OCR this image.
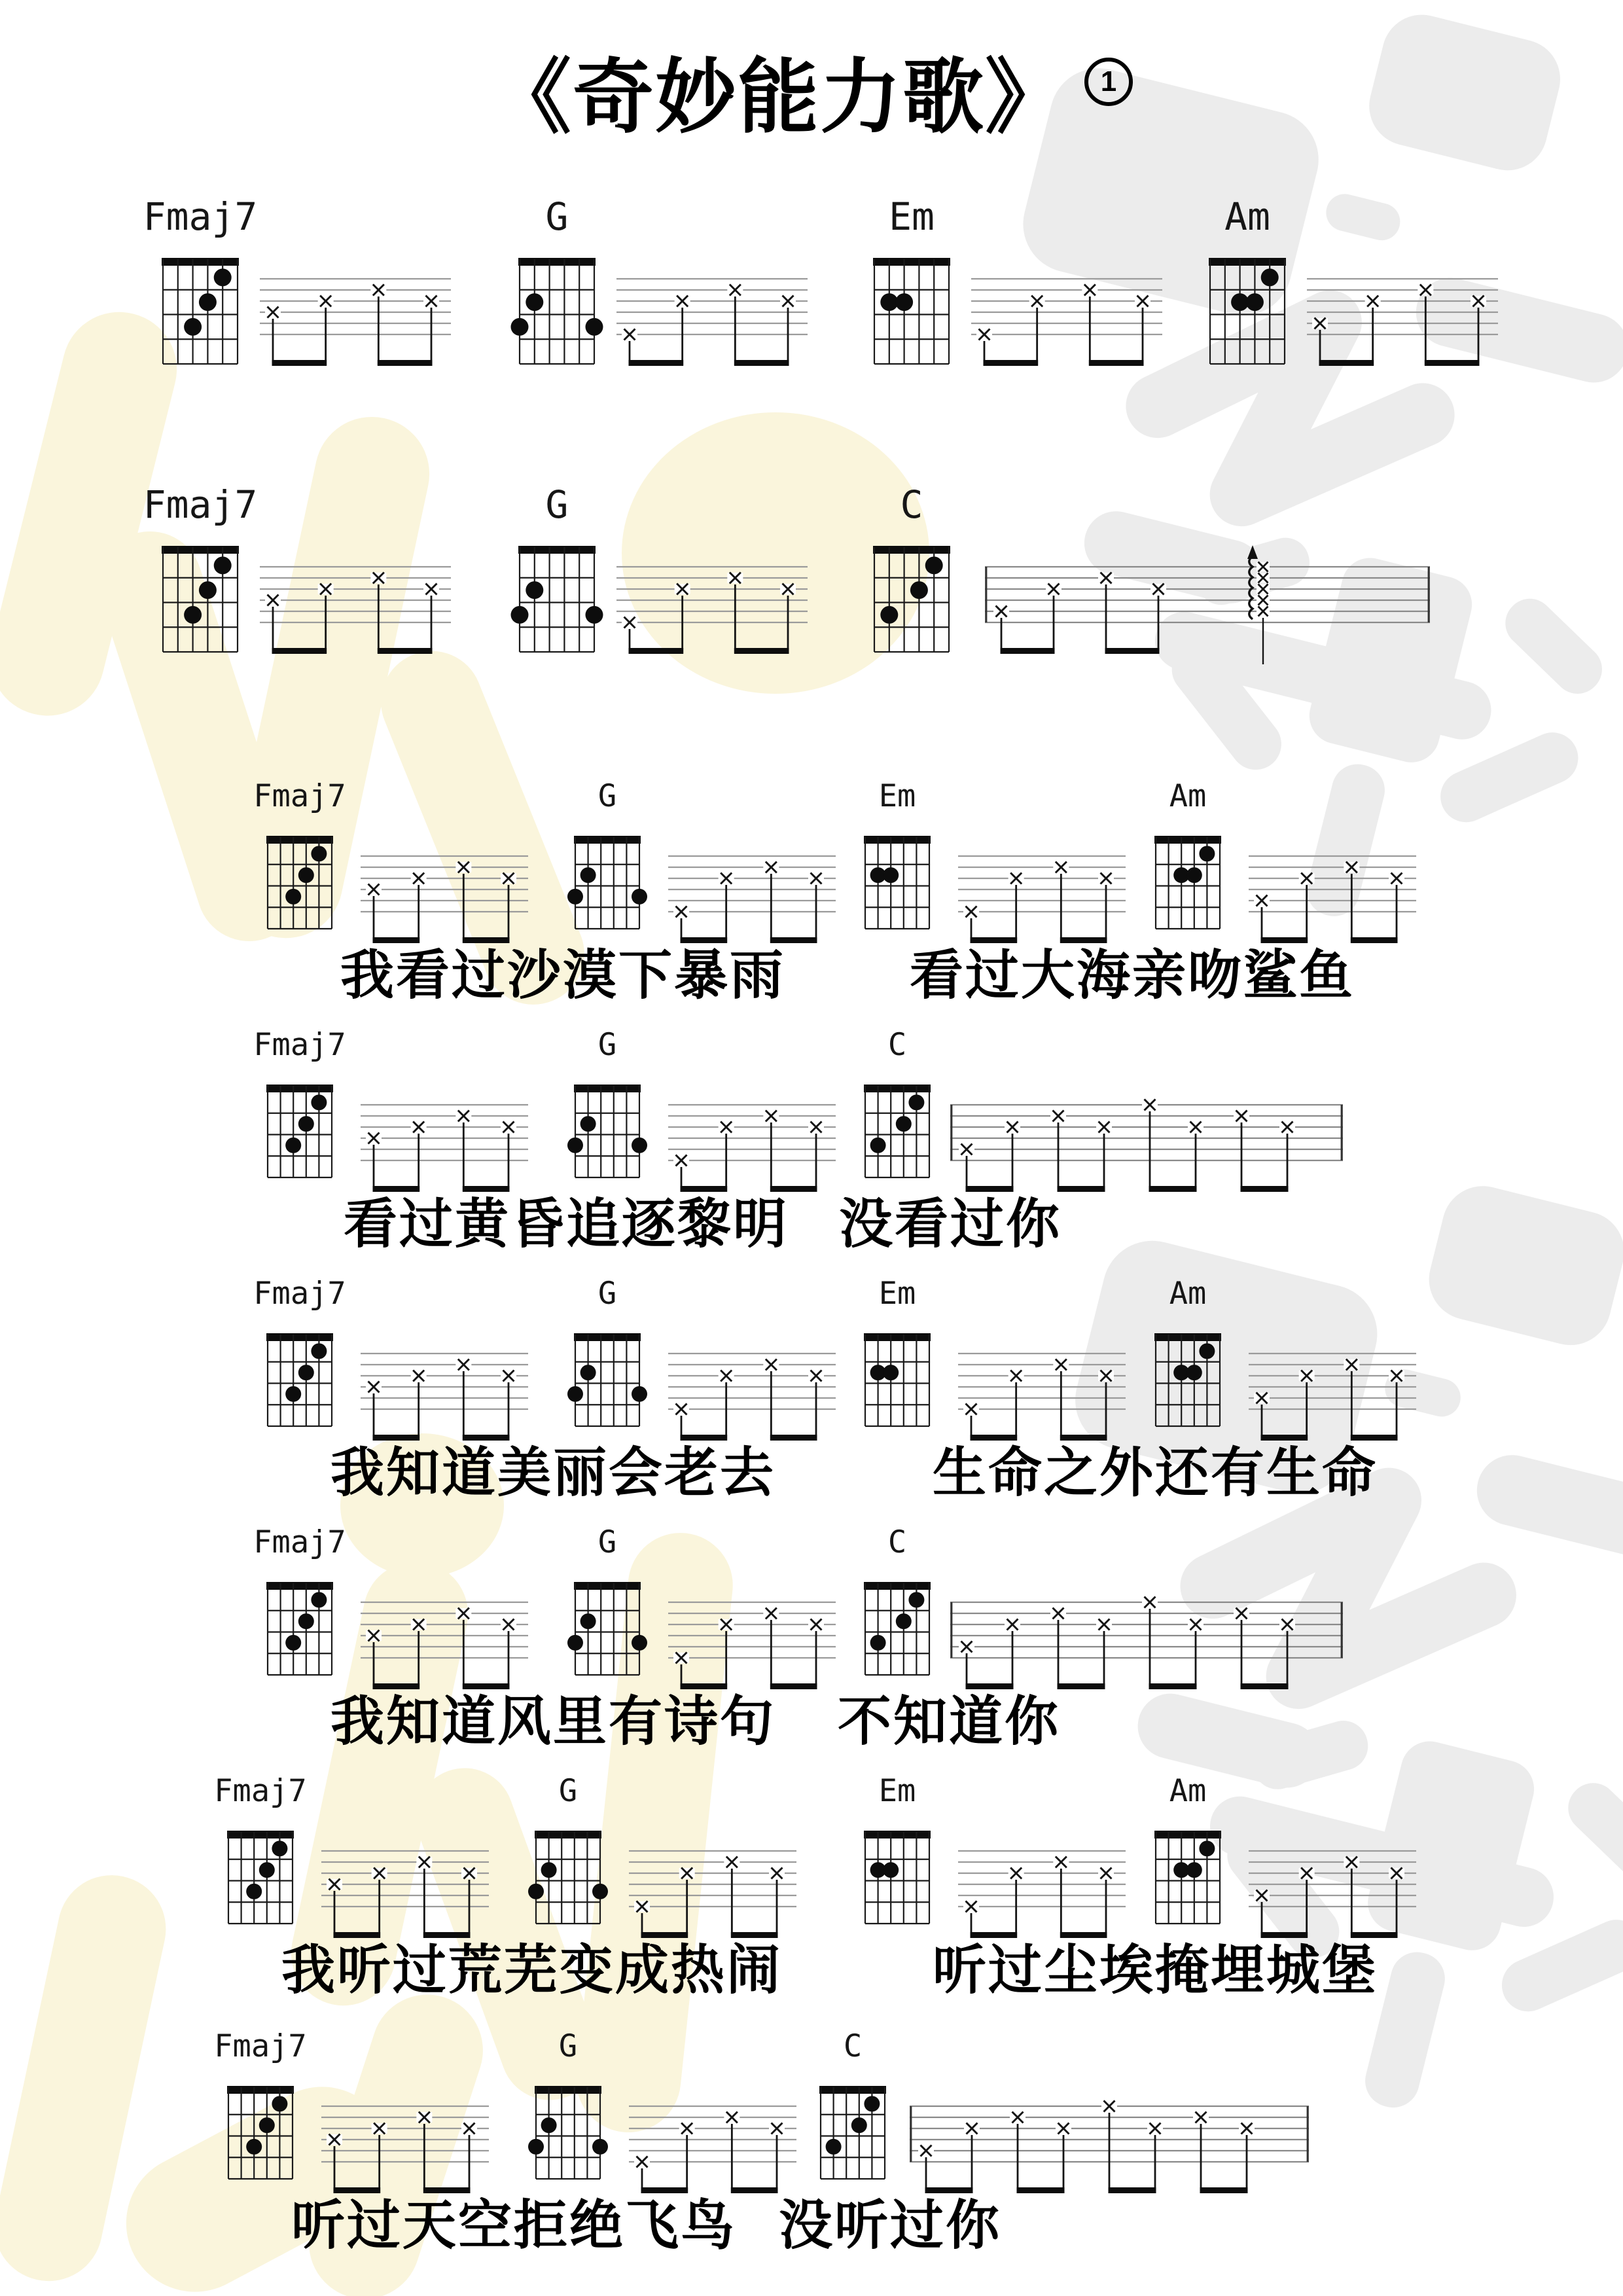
《奇妙能力歌》 1
Fmaj7	G	Em	Am
Fmaj7	G	C
Fmaj7	G	Em	Am
我看过沙漠下暴雨 看过大海亲吻鲨鱼
Fmaj7	G	C
看过黄昏追逐黎明 没看过你
Fmaj7	G	Em	Am
我知道美丽会老去	生命之外还有生命
Fmaj7	G	C
我知道风里有诗句 不知道你
Fmaj7	G	Em	Am
我听过荒芜变成热闹	听过尘埃掩埋城堡
Fmaj7	G	C
听过天空拒绝飞鸟 没听过你
